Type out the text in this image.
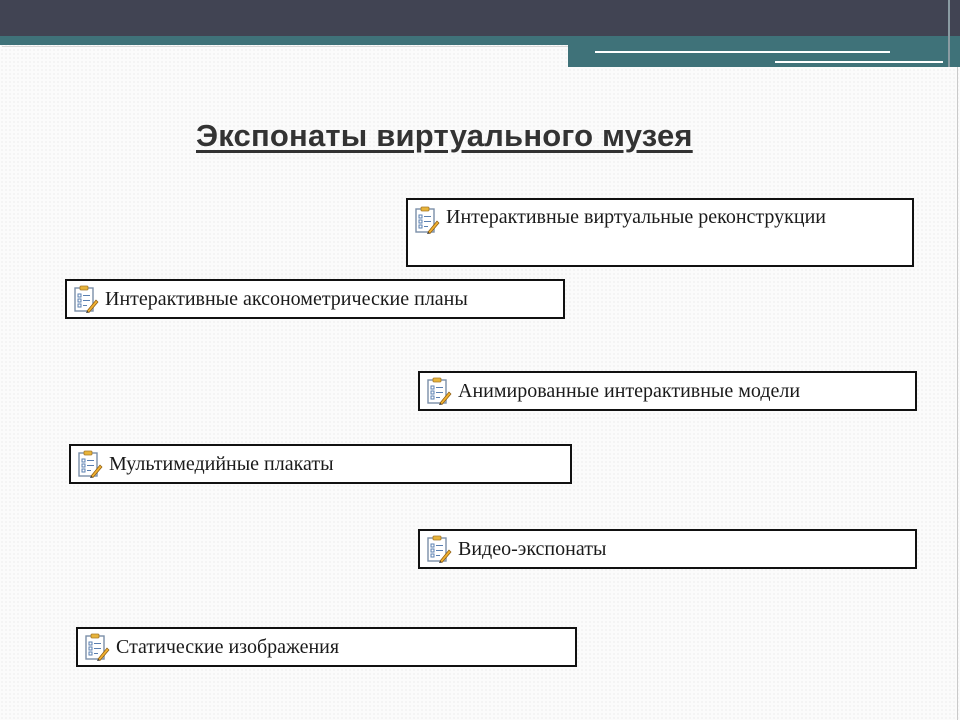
Экспонаты виртуального музея
Интерактивные виртуальные реконструкции
Интерактивные аксонометрические планы
Анимированные интерактивные модели
Мультимедийные плакаты
Видео-экспонаты
Статические изображения
